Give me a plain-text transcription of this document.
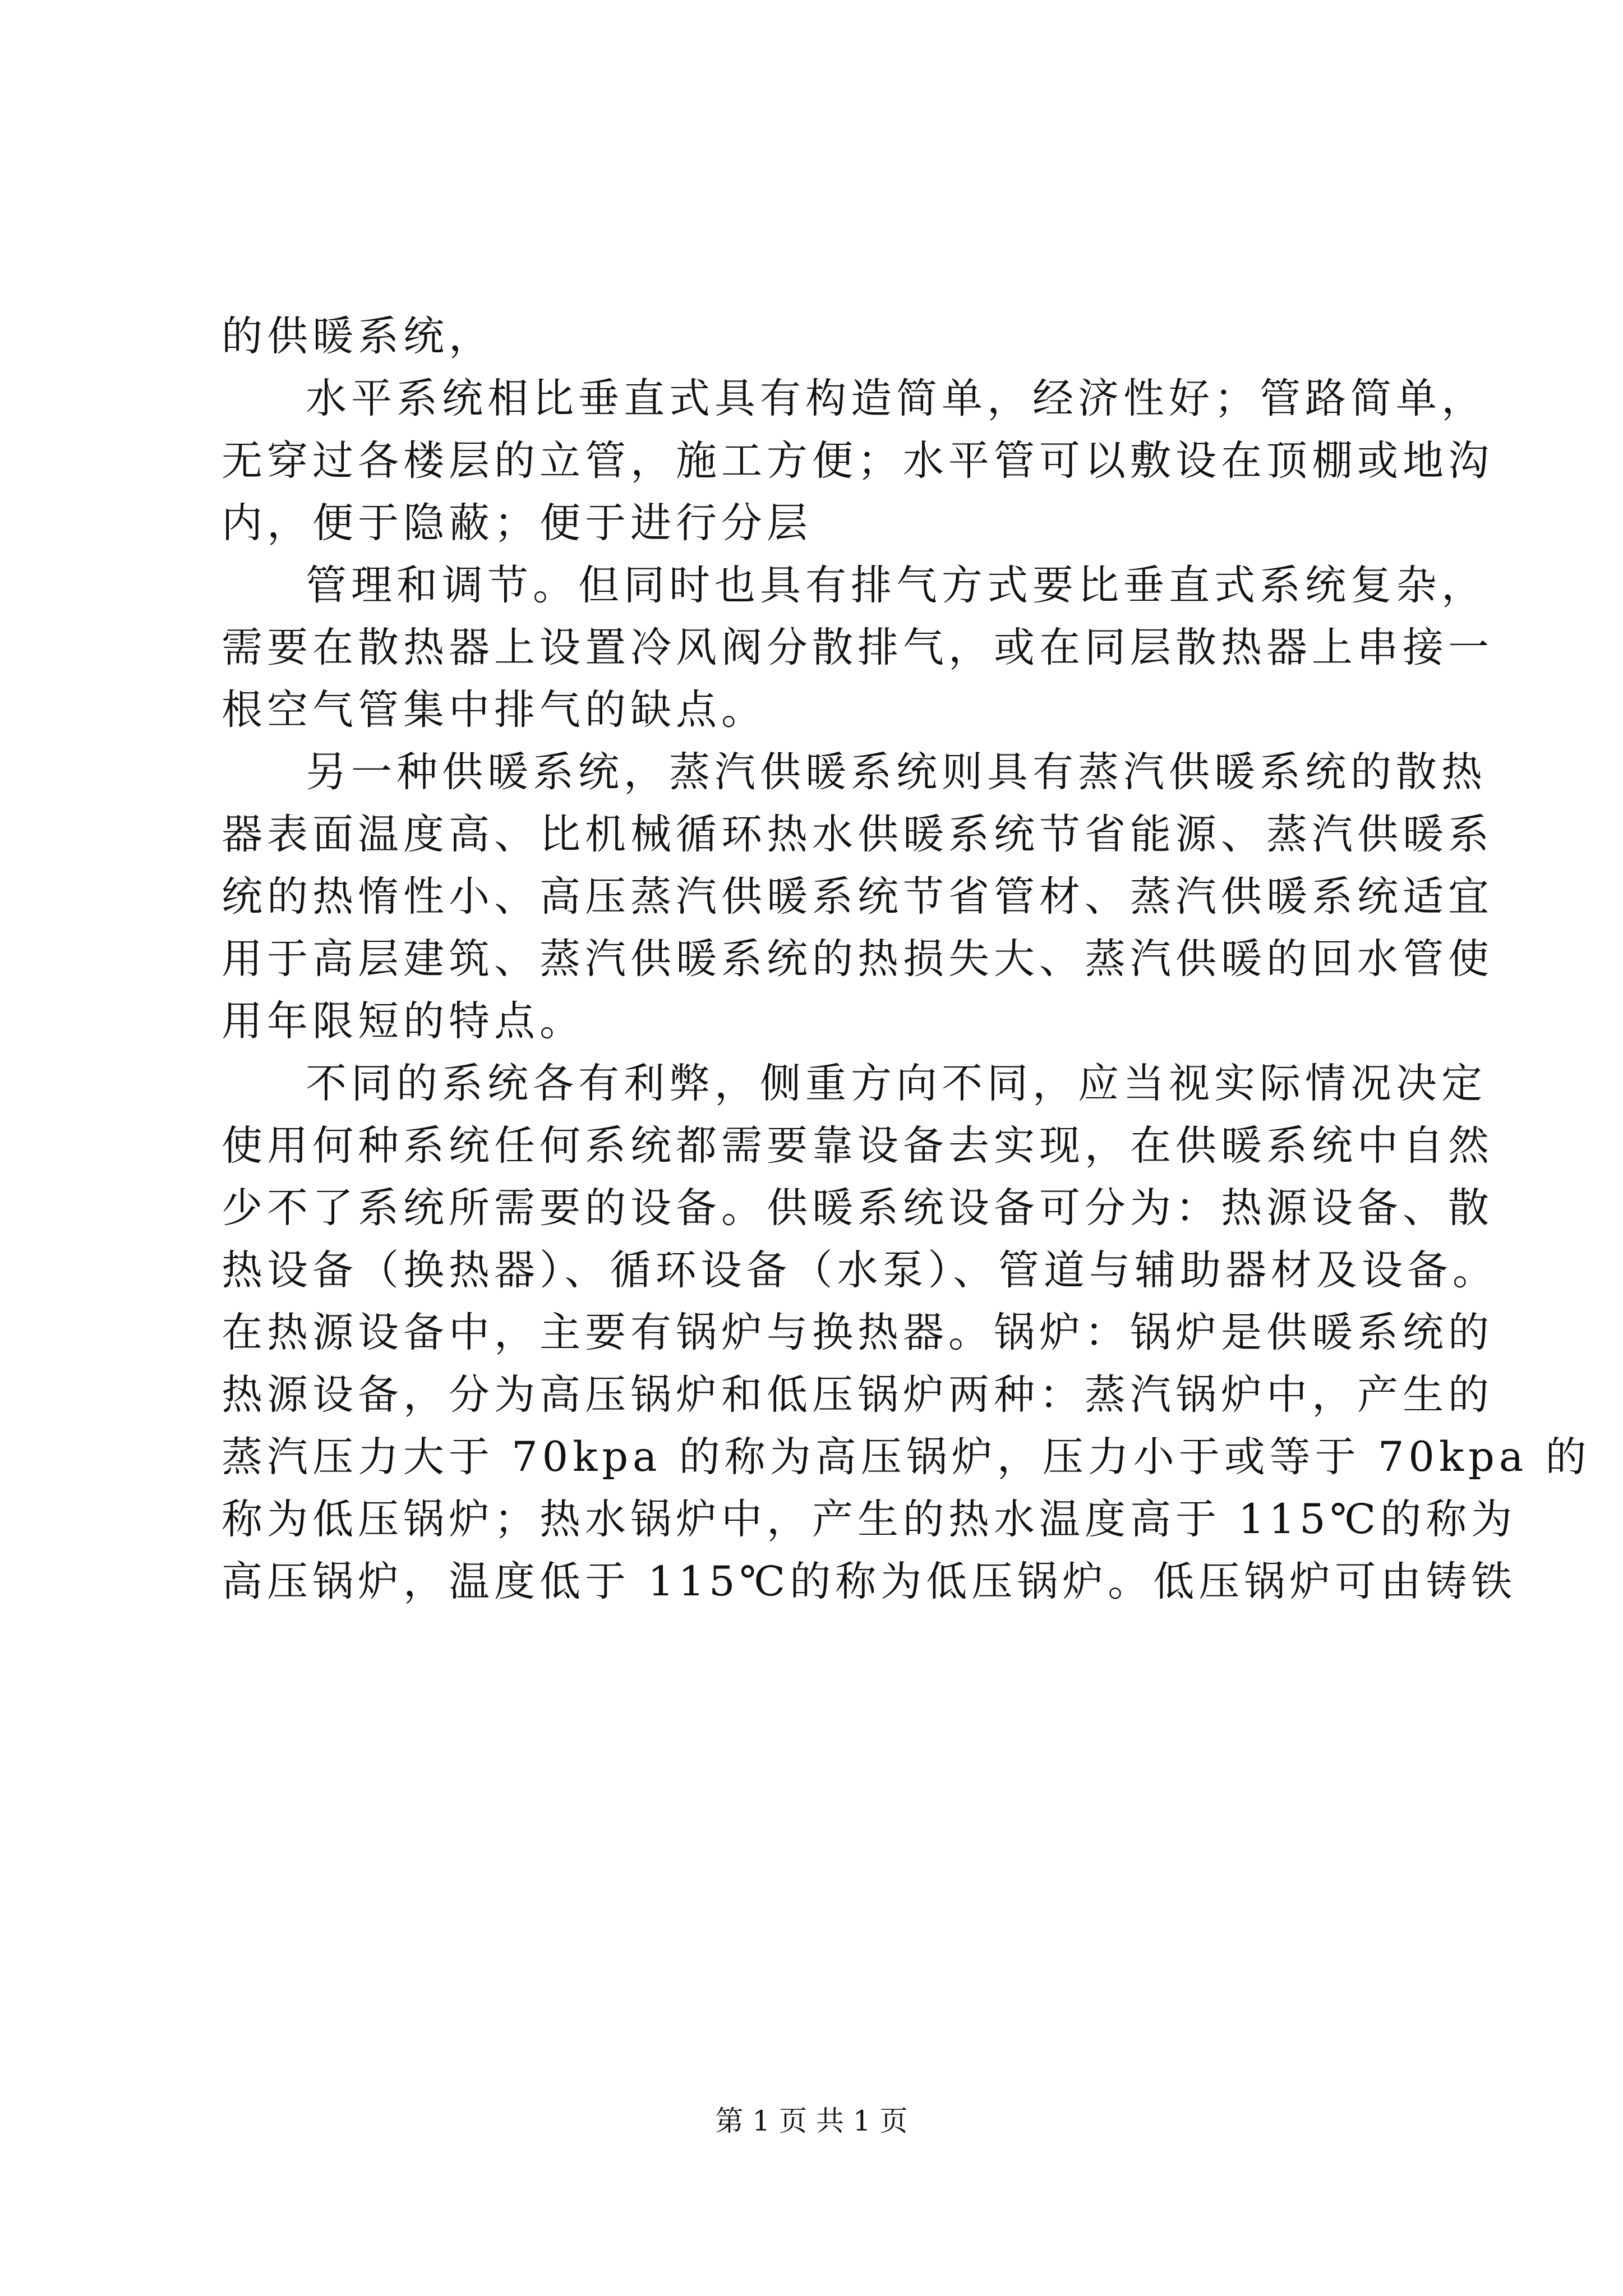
的供暖系统，
水平系统相比垂直式具有构造简单，经济性好；管路简单，
无穿过各楼层的立管，施工方便；水平管可以敷设在顶棚或地沟
内，便于隐蔽；便于进行分层
管理和调节。但同时也具有排气方式要比垂直式系统复杂，
需要在散热器上设置冷风阀分散排气，或在同层散热器上串接一
根空气管集中排气的缺点。
另一种供暖系统，蒸汽供暖系统则具有蒸汽供暖系统的散热
器表面温度高、比机械循环热水供暖系统节省能源、蒸汽供暖系
统的热惰性小、高压蒸汽供暖系统节省管材、蒸汽供暖系统适宜
用于高层建筑、蒸汽供暖系统的热损失大、蒸汽供暖的回水管使
用年限短的特点。
不同的系统各有利弊，侧重方向不同，应当视实际情况决定
使用何种系统任何系统都需要靠设备去实现，在供暖系统中自然
少不了系统所需要的设备。供暖系统设备可分为：热源设备、散
热设备（换热器）、循环设备（水泵）、管道与辅助器材及设备。
在热源设备中，主要有锅炉与换热器。锅炉：锅炉是供暖系统的
热源设备，分为高压锅炉和低压锅炉两种：蒸汽锅炉中，产生的
蒸汽压力大于 70kpa 的称为高压锅炉，压力小于或等于 70kpa 的
称为低压锅炉；热水锅炉中，产生的热水温度高于 115℃的称为
高压锅炉，温度低于 115℃的称为低压锅炉。低压锅炉可由铸铁
第 1 页 共 1 页
